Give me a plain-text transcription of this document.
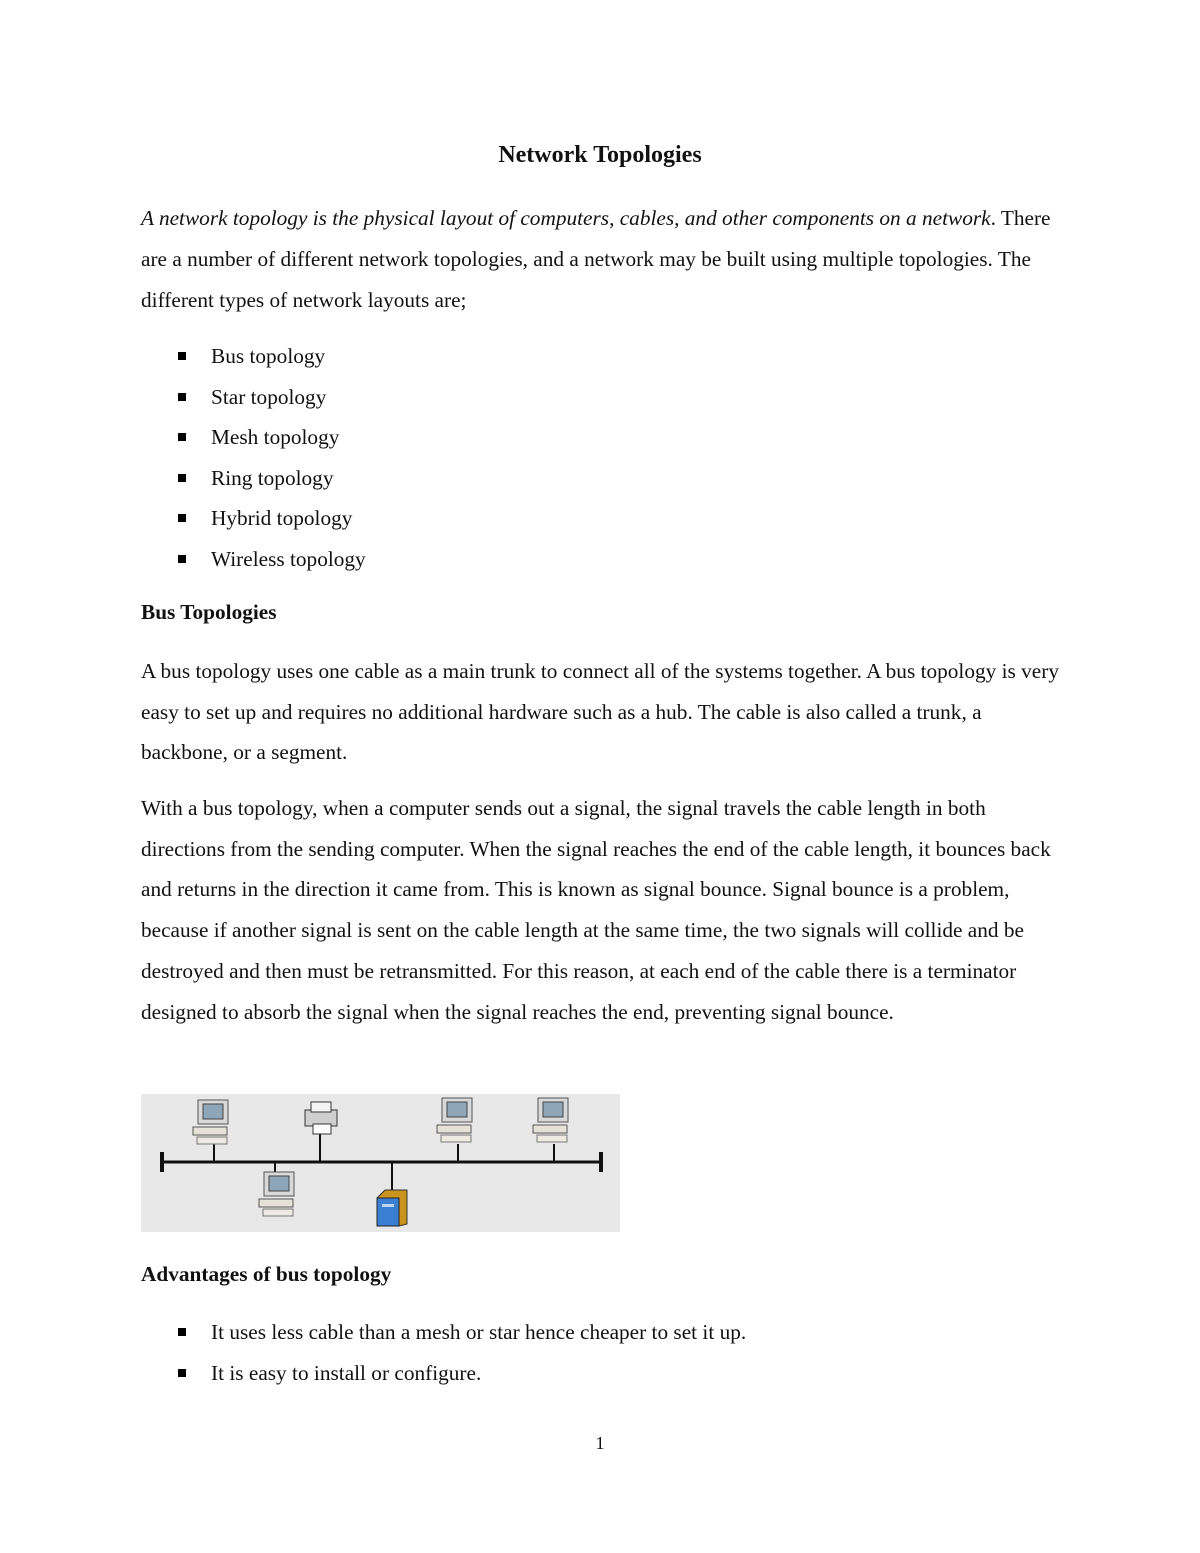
Network Topologies

A network topology is the physical layout of computers, cables, and other components on a network. There are a number of different network topologies, and a network may be built using multiple topologies. The different types of network layouts are;

Bus topology
Star topology
Mesh topology
Ring topology
Hybrid topology
Wireless topology
Bus Topologies

A bus topology uses one cable as a main trunk to connect all of the systems together. A bus topology is very easy to set up and requires no additional hardware such as a hub. The cable is also called a trunk, a backbone, or a segment.

With a bus topology, when a computer sends out a signal, the signal travels the cable length in both directions from the sending computer. When the signal reaches the end of the cable length, it bounces back and returns in the direction it came from. This is known as signal bounce. Signal bounce is a problem, because if another signal is sent on the cable length at the same time, the two signals will collide and be destroyed and then must be retransmitted. For this reason, at each end of the cable there is a terminator designed to absorb the signal when the signal reaches the end, preventing signal bounce.

Advantages of bus topology
It uses less cable than a mesh or star hence cheaper to set it up.
It is easy to install or configure.
1
